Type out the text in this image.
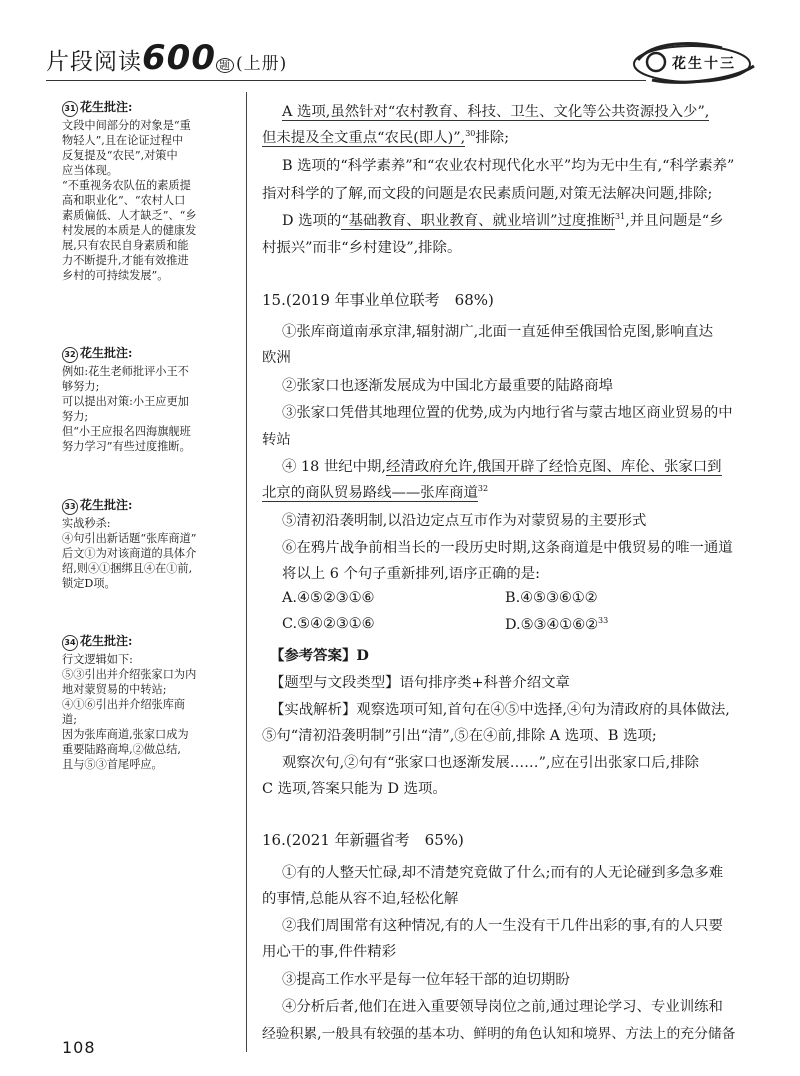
片段阅读600 题 (上册)	花生十三
31 花生批注:
文段中间部分的对象是“重
物轻人”,且在论证过程中
反复提及“农民”,对策中
应当体现。
“不重视务农队伍的素质提
高和职业化”、“农村人口
素质偏低、人才缺乏”、“乡
村发展的本质是人的健康发
展,只有农民自身素质和能
力不断提升,才能有效推进
乡村的可持续发展”。
32 花生批注:
例如:花生老师批评小王不
够努力;
可以提出对策:小王应更加
努力;
但“小王应报名四海旗舰班
努力学习”有些过度推断。
33 花生批注:
实战秒杀:
④句引出新话题“张库商道”
后文①为对该商道的具体介
绍,则④①捆绑且④在①前,
锁定D项。
34 花生批注:
行文逻辑如下:
⑤③引出并介绍张家口为内
地对蒙贸易的中转站;
④①⑥引出并介绍张库商
道;
因为张库商道,张家口成为
重要陆路商埠,②做总结,
且与⑤③首尾呼应。
A 选项,虽然针对“农村教育、科技、卫生、文化等公共资源投入少”,
但未提及全文重点“农民(即人)”,$^{30}$排除;
B 选项的“科学素养”和“农业农村现代化水平”均为无中生有,“科学素养”
指对科学的了解,而文段的问题是农民素质问题,对策无法解决问题,排除;
D 选项的“基础教育、职业教育、就业培训”过度推断$^{31}$,并且问题是“乡
村振兴”而非“乡村建设”,排除。
15.(2019 年事业单位联考　68%)
①张库商道南承京津,辐射湖广,北面一直延伸至俄国恰克图,影响直达
欧洲
②张家口也逐渐发展成为中国北方最重要的陆路商埠
③张家口凭借其地理位置的优势,成为内地行省与蒙古地区商业贸易的中
转站
④ 18 世纪中期,经清政府允许,俄国开辟了经恰克图、库伦、张家口到
北京的商队贸易路线——张库商道$^{32}$
⑤清初沿袭明制,以沿边定点互市作为对蒙贸易的主要形式
⑥在鸦片战争前相当长的一段历史时期,这条商道是中俄贸易的唯一通道
将以上 6 个句子重新排列,语序正确的是:
A.④⑤②③①⑥	B.④⑤③⑥①②
C.⑤④②③①⑥	D.⑤③④①⑥②$^{33}$
【参考答案】D
【题型与文段类型】语句排序类+科普介绍文章
【实战解析】观察选项可知,首句在④⑤中选择,④句为清政府的具体做法,
⑤句“清初沿袭明制”引出“清”,⑤在④前,排除 A 选项、B 选项;
观察次句,②句有“张家口也逐渐发展……”,应在引出张家口后,排除
C 选项,答案只能为 D 选项。
16.(2021 年新疆省考　65%)
①有的人整天忙碌,却不清楚究竟做了什么;而有的人无论碰到多急多难
的事情,总能从容不迫,轻松化解
②我们周围常有这种情况,有的人一生没有干几件出彩的事,有的人只要
用心干的事,件件精彩
③提高工作水平是每一位年轻干部的迫切期盼
④分析后者,他们在进入重要领导岗位之前,通过理论学习、专业训练和
经验积累,一般具有较强的基本功、鲜明的角色认知和境界、方法上的充分储备
108
